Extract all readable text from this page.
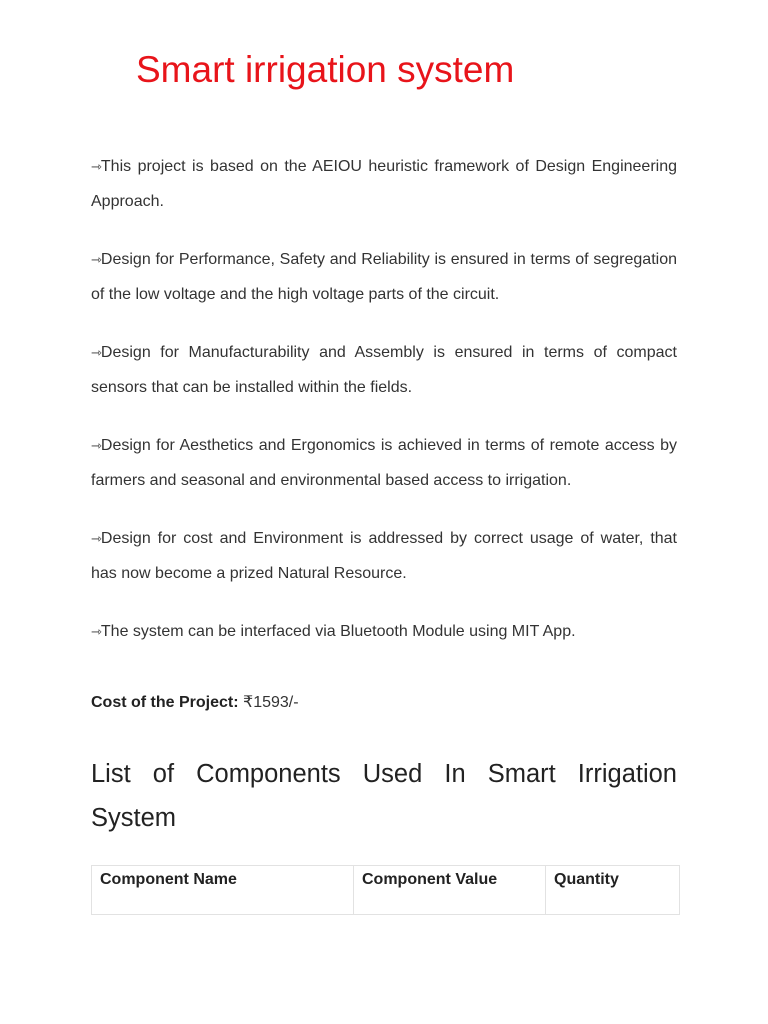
Smart irrigation system

⇾This project is based on the AEIOU heuristic framework of Design Engineering Approach.

⇾Design for Performance, Safety and Reliability is ensured in terms of segregation of the low voltage and the high voltage parts of the circuit.

⇾Design for Manufacturability and Assembly is ensured in terms of compact sensors that can be installed within the fields.

⇾Design for Aesthetics and Ergonomics is achieved in terms of remote access by farmers and seasonal and environmental based access to irrigation.

⇾Design for cost and Environment is addressed by correct usage of water, that has now become a prized Natural Resource.

⇾The system can be interfaced via Bluetooth Module using MIT App.

Cost of the Project: ₹1593/-

List of Components Used In Smart Irrigation System
Component Name	Component Value	Quantity
